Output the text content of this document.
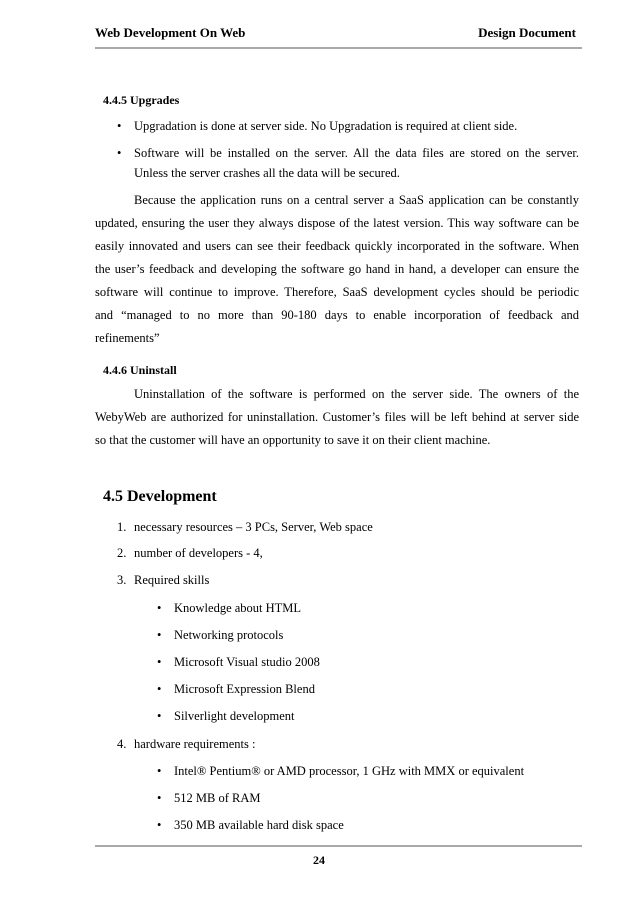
Web Development On Web	Design Document
4.4.5 Upgrades
• Upgradation is done at server side. No Upgradation is required at client side.
• Software will be installed on the server. All the data files are stored on the server.
Unless the server crashes all the data will be secured.
Because the application runs on a central server a SaaS application can be constantly
updated, ensuring the user they always dispose of the latest version. This way software can be
easily innovated and users can see their feedback quickly incorporated in the software. When
the user’s feedback and developing the software go hand in hand, a developer can ensure the
software will continue to improve. Therefore, SaaS development cycles should be periodic
and “managed to no more than 90-180 days to enable incorporation of feedback and
refinements”
4.4.6 Uninstall
Uninstallation of the software is performed on the server side. The owners of the
WebyWeb are authorized for uninstallation. Customer’s files will be left behind at server side
so that the customer will have an opportunity to save it on their client machine.
4.5 Development
1. necessary resources – 3 PCs, Server, Web space
2. number of developers - 4,
3. Required skills
• Knowledge about HTML
• Networking protocols
• Microsoft Visual studio 2008
• Microsoft Expression Blend
• Silverlight development
4. hardware requirements :
• Intel® Pentium® or AMD processor, 1 GHz with MMX or equivalent
• 512 MB of RAM
• 350 MB available hard disk space
24
